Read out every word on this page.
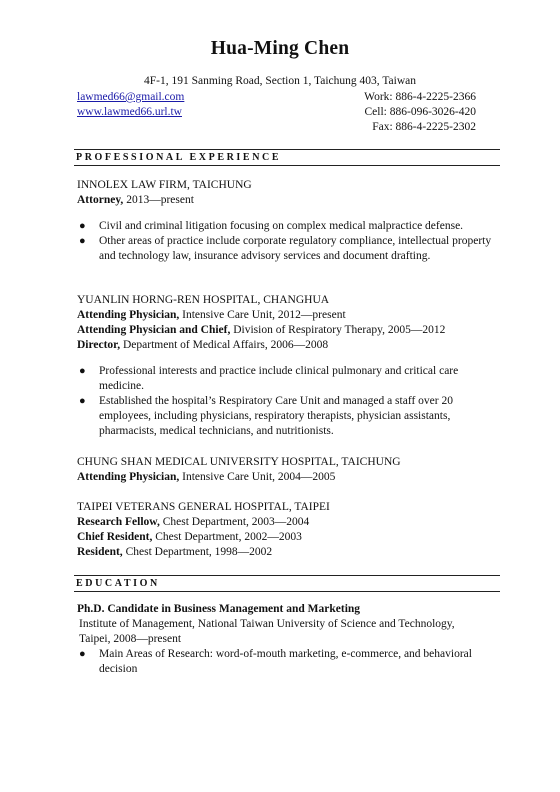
Hua-Ming Chen
4F-1, 191 Sanming Road, Section 1, Taichung 403, Taiwan
lawmed66@gmail.com
www.lawmed66.url.tw
Work: 886-4-2225-2366
Cell: 886-096-3026-420
Fax: 886-4-2225-2302
PROFESSIONAL EXPERIENCE
INNOLEX LAW FIRM, TAICHUNG
Attorney, 2013—present
● Civil and criminal litigation focusing on complex medical malpractice defense.
● Other areas of practice include corporate regulatory compliance, intellectual property and technology law, insurance advisory services and document drafting.
YUANLIN HORNG-REN HOSPITAL, CHANGHUA
Attending Physician, Intensive Care Unit, 2012—present
Attending Physician and Chief, Division of Respiratory Therapy, 2005—2012
Director, Department of Medical Affairs, 2006—2008
● Professional interests and practice include clinical pulmonary and critical care medicine.
● Established the hospital’s Respiratory Care Unit and managed a staff over 20 employees, including physicians, respiratory therapists, physician assistants, pharmacists, medical technicians, and nutritionists.
CHUNG SHAN MEDICAL UNIVERSITY HOSPITAL, TAICHUNG
Attending Physician, Intensive Care Unit, 2004—2005
TAIPEI VETERANS GENERAL HOSPITAL, TAIPEI
Research Fellow, Chest Department, 2003—2004
Chief Resident, Chest Department, 2002—2003
Resident, Chest Department, 1998—2002
EDUCATION
Ph.D. Candidate in Business Management and Marketing
Institute of Management, National Taiwan University of Science and Technology,
Taipei, 2008—present
● Main Areas of Research: word-of-mouth marketing, e-commerce, and behavioral decision
